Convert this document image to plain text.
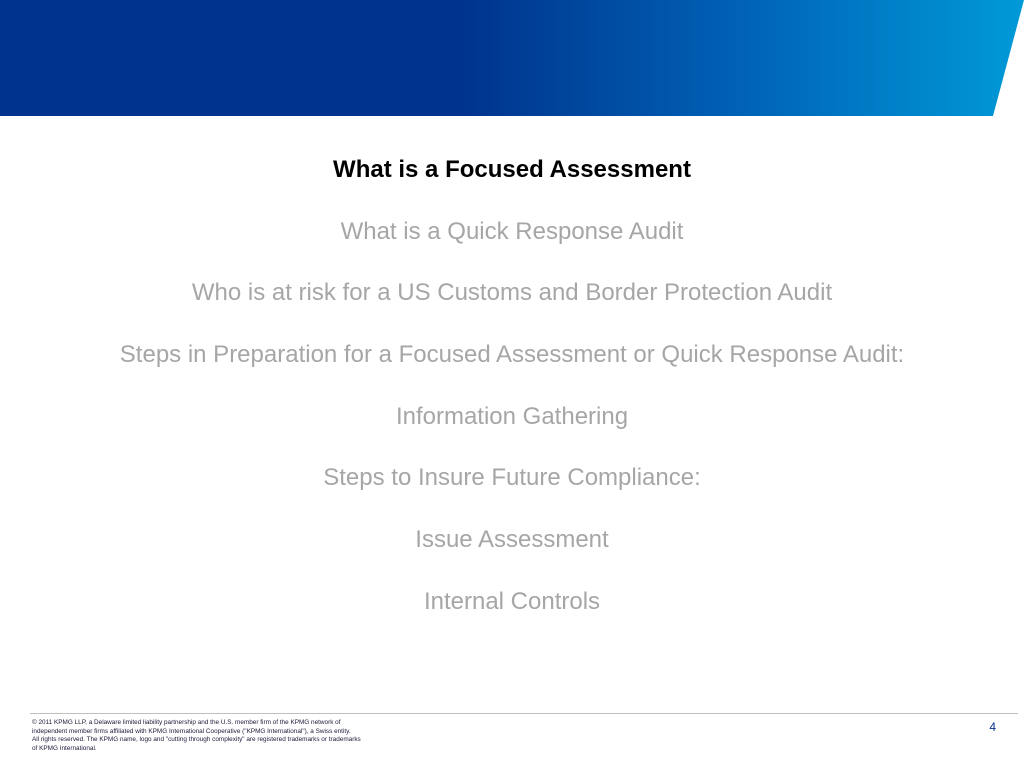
What is a Focused Assessment
What is a Quick Response Audit
Who is at risk for a US Customs and Border Protection Audit
Steps in Preparation for a Focused Assessment or Quick Response Audit:
Information Gathering
Steps to Insure Future Compliance:
Issue Assessment
Internal Controls
© 2011 KPMG LLP, a Delaware limited liability partnership and the U.S. member firm of the KPMG network of
independent member firms affiliated with KPMG International Cooperative ("KPMG International"), a Swiss entity.
All rights reserved. The KPMG name, logo and "cutting through complexity" are registered trademarks or trademarks
of KPMG International.
4
